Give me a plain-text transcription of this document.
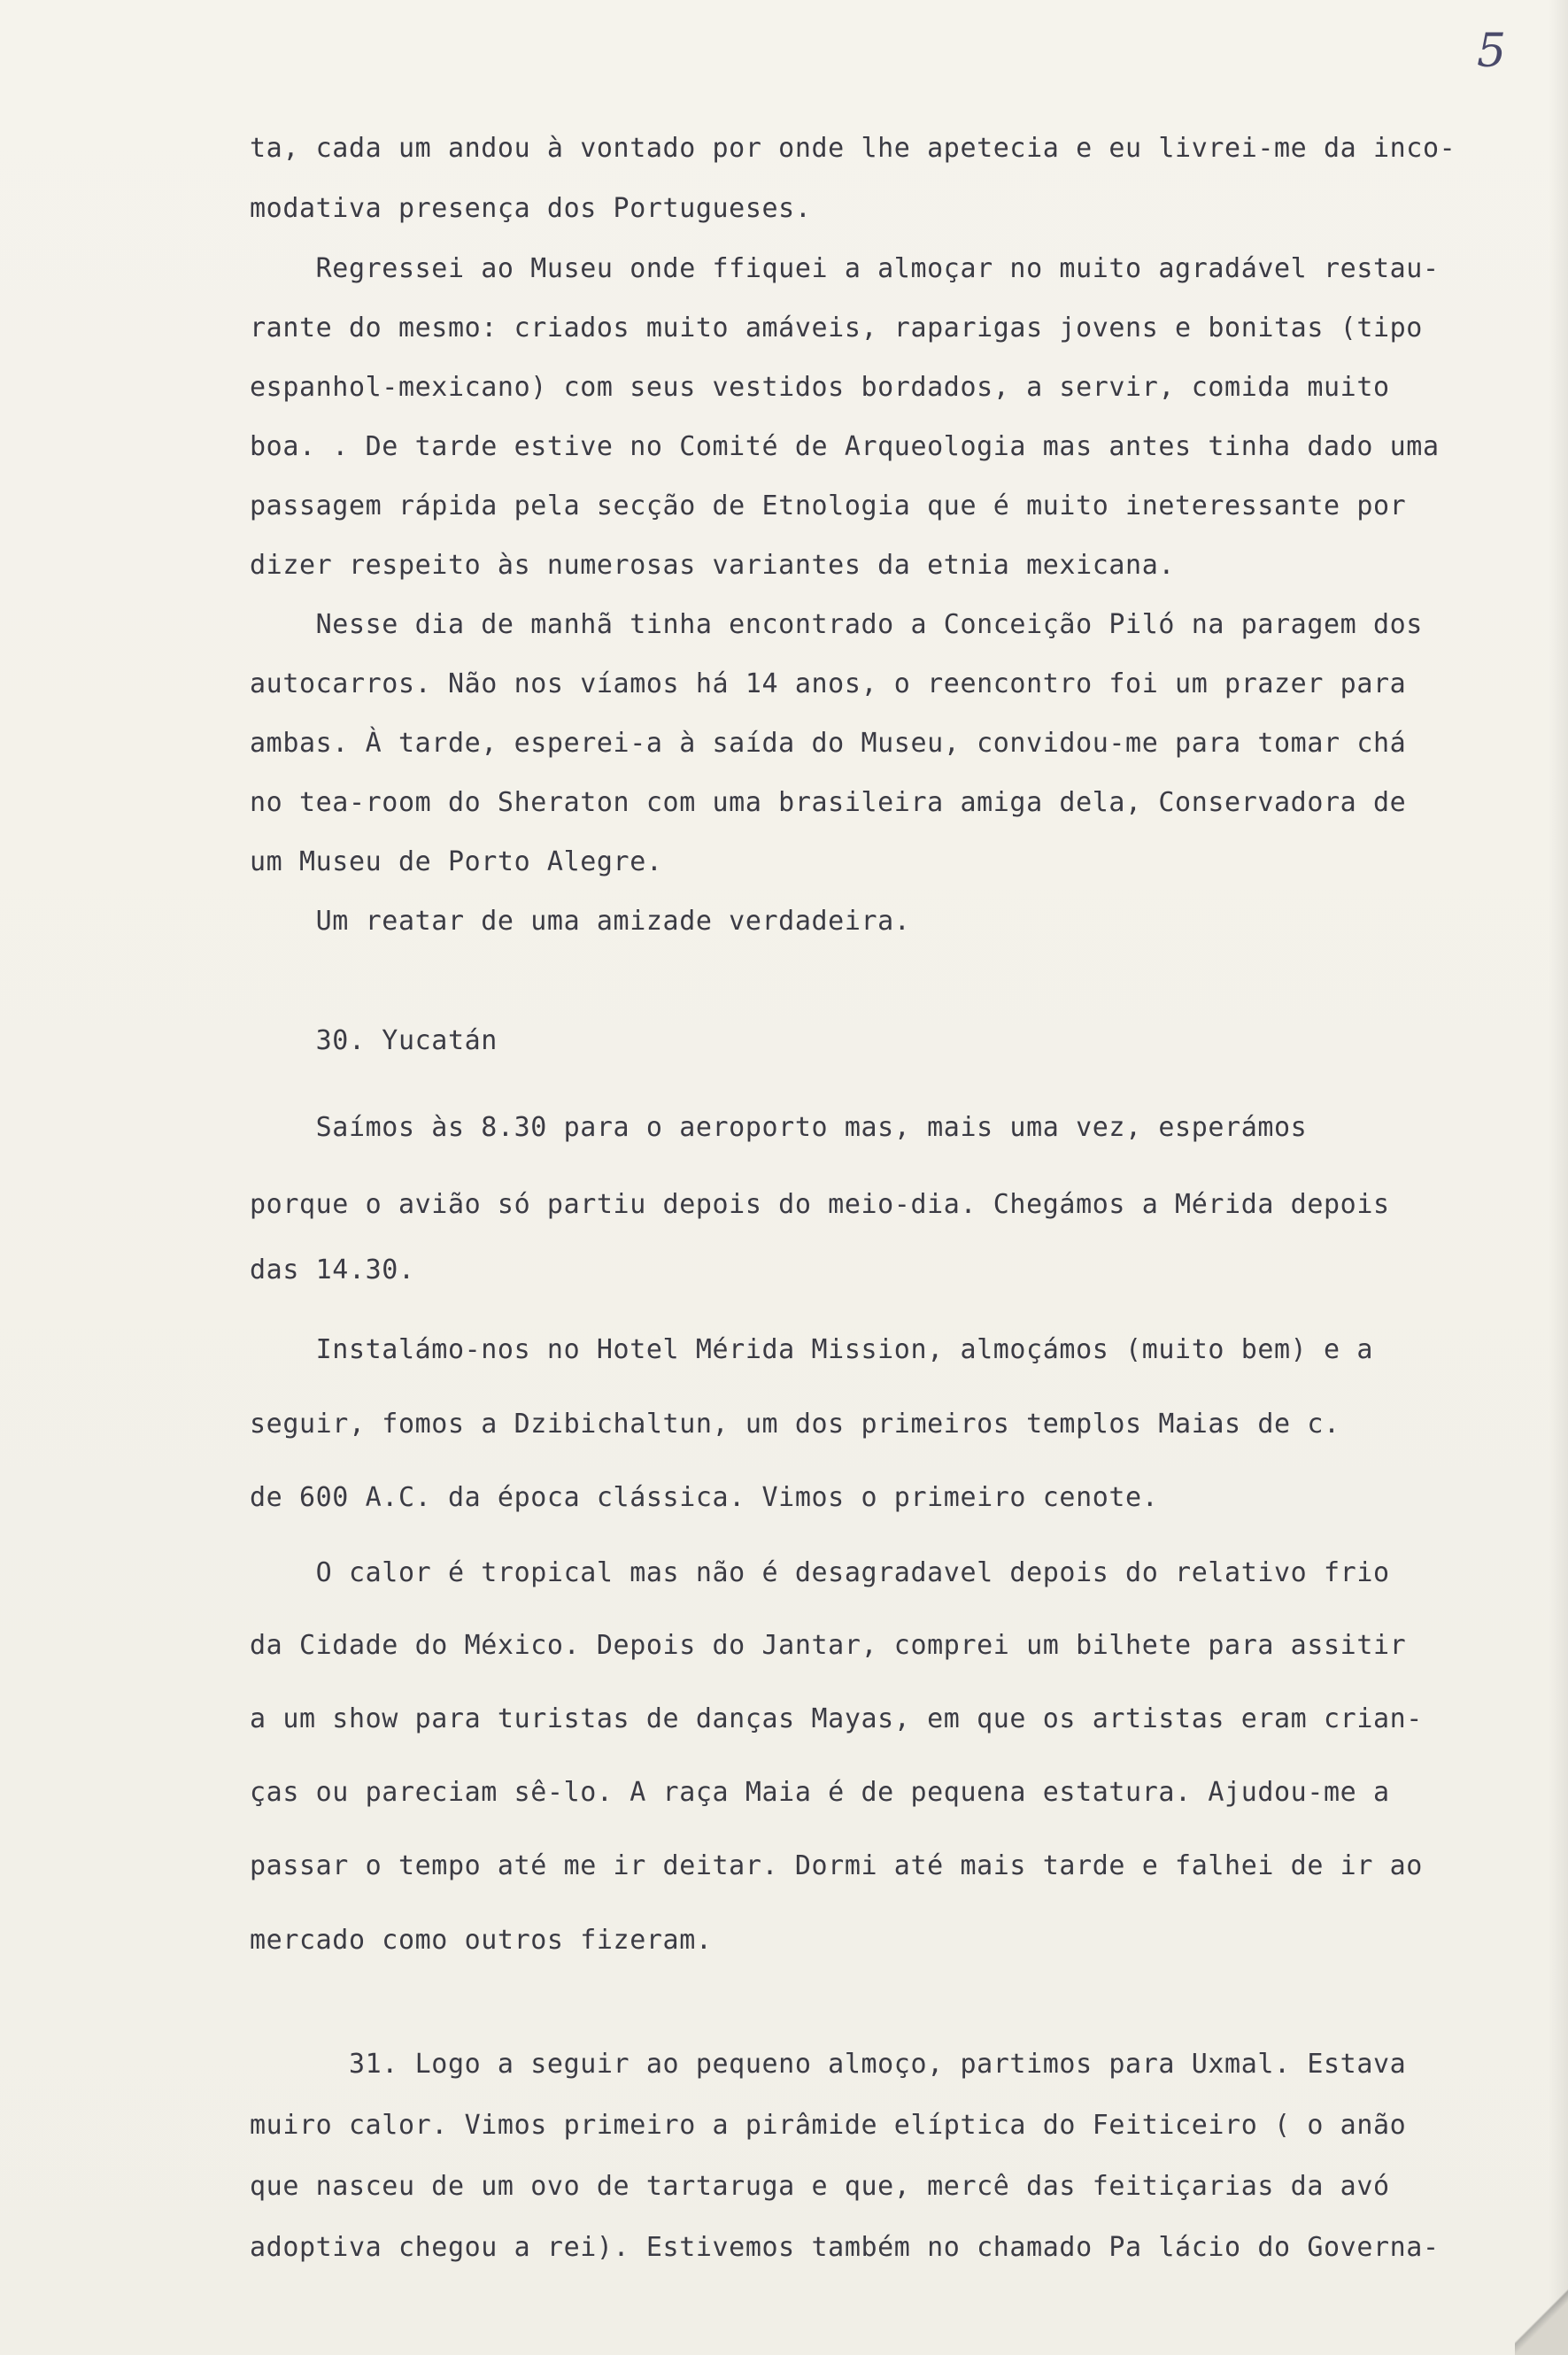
5
ta, cada um andou à vontado por onde lhe apetecia e eu livrei-me da inco-
modativa presença dos Portugueses.
Regressei ao Museu onde ffiquei a almoçar no muito agradável restau-
rante do mesmo: criados muito amáveis, raparigas jovens e bonitas (tipo
espanhol-mexicano) com seus vestidos bordados, a servir, comida muito
boa. . De tarde estive no Comité de Arqueologia mas antes tinha dado uma
passagem rápida pela secção de Etnologia que é muito ineteressante por
dizer respeito às numerosas variantes da etnia mexicana.
Nesse dia de manhã tinha encontrado a Conceição Piló na paragem dos
autocarros. Não nos víamos há 14 anos, o reencontro foi um prazer para
ambas. À tarde, esperei-a à saída do Museu, convidou-me para tomar chá
no tea-room do Sheraton com uma brasileira amiga dela, Conservadora de
um Museu de Porto Alegre.
Um reatar de uma amizade verdadeira.
30. Yucatán
Saímos às 8.30 para o aeroporto mas, mais uma vez, esperámos
porque o avião só partiu depois do meio-dia. Chegámos a Mérida depois
das 14.30.
Instalámo-nos no Hotel Mérida Mission, almoçámos (muito bem) e a
seguir, fomos a Dzibichaltun, um dos primeiros templos Maias de c.
de 600 A.C. da época clássica. Vimos o primeiro cenote.
O calor é tropical mas não é desagradavel depois do relativo frio
da Cidade do México. Depois do Jantar, comprei um bilhete para assitir
a um show para turistas de danças Mayas, em que os artistas eram crian-
ças ou pareciam sê-lo. A raça Maia é de pequena estatura. Ajudou-me a
passar o tempo até me ir deitar. Dormi até mais tarde e falhei de ir ao
mercado como outros fizeram.
31. Logo a seguir ao pequeno almoço, partimos para Uxmal. Estava
muiro calor. Vimos primeiro a pirâmide elíptica do Feiticeiro ( o anão
que nasceu de um ovo de tartaruga e que, mercê das feitiçarias da avó
adoptiva chegou a rei). Estivemos também no chamado Pa lácio do Governa-
